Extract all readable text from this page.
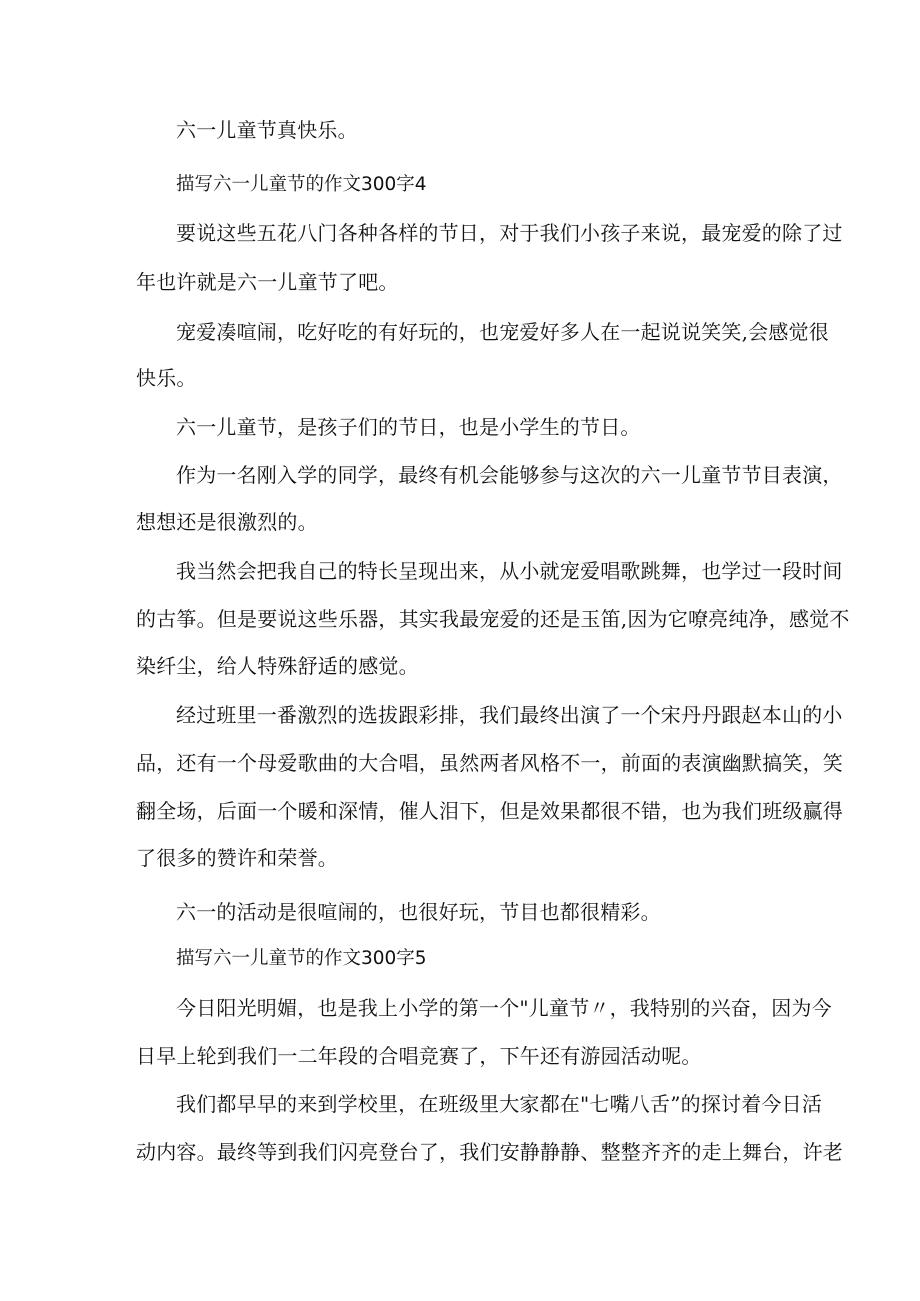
六一儿童节真快乐。
描写六一儿童节的作文300字4
要说这些五花八门各种各样的节日，对于我们小孩子来说，最宠爱的除了过
年也许就是六一儿童节了吧。
宠爱凑喧闹，吃好吃的有好玩的，也宠爱好多人在一起说说笑笑,会感觉很
快乐。
六一儿童节，是孩子们的节日，也是小学生的节日。
作为一名刚入学的同学，最终有机会能够参与这次的六一儿童节节目表演，
想想还是很激烈的。
我当然会把我自己的特长呈现出来，从小就宠爱唱歌跳舞，也学过一段时间
的古筝。但是要说这些乐器，其实我最宠爱的还是玉笛,因为它嘹亮纯净，感觉不
染纤尘，给人特殊舒适的感觉。
经过班里一番激烈的选拔跟彩排，我们最终出演了一个宋丹丹跟赵本山的小
品，还有一个母爱歌曲的大合唱，虽然两者风格不一，前面的表演幽默搞笑，笑
翻全场，后面一个暖和深情，催人泪下，但是效果都很不错，也为我们班级赢得
了很多的赞许和荣誉。
六一的活动是很喧闹的，也很好玩，节目也都很精彩。
描写六一儿童节的作文300字5
今日阳光明媚，也是我上小学的第一个"儿童节〃，我特别的兴奋，因为今
日早上轮到我们一二年段的合唱竞赛了，下午还有游园活动呢。
我们都早早的来到学校里，在班级里大家都在"七嘴八舌”的探讨着今日活
动内容。最终等到我们闪亮登台了，我们安静静静、整整齐齐的走上舞台，许老
